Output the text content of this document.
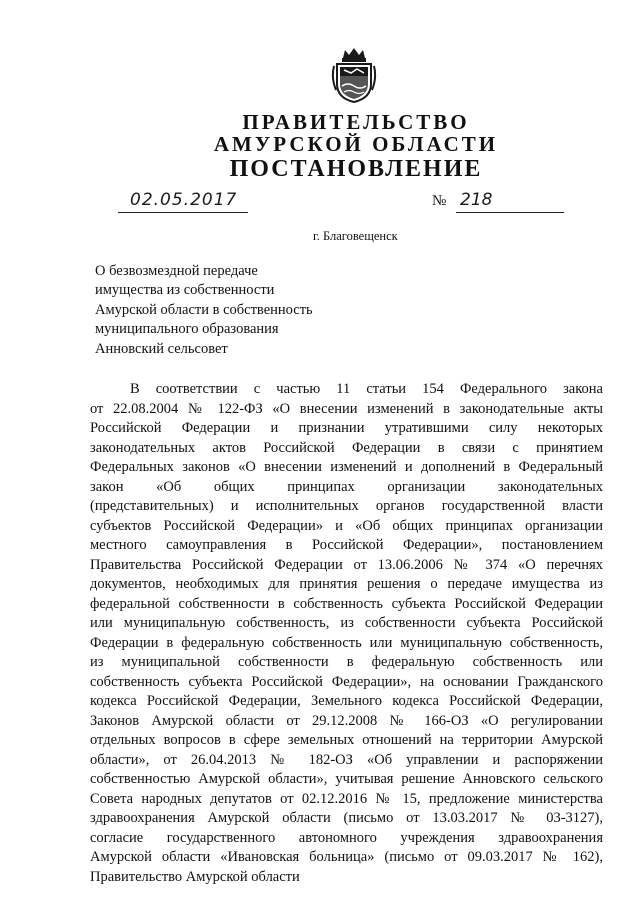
ПРАВИТЕЛЬСТВО
АМУРСКОЙ ОБЛАСТИ
ПОСТАНОВЛЕНИЕ
02.05.2017	№ 218
г. Благовещенск
О безвозмездной передаче
имущества из собственности
Амурской области в собственность
муниципального образования
Анновский сельсовет
В соответствии с частью 11 статьи 154 Федерального закона
от 22.08.2004 № 122-ФЗ «О внесении изменений в законодательные акты
Российской Федерации и признании утратившими силу некоторых
законодательных актов Российской Федерации в связи с принятием
Федеральных законов «О внесении изменений и дополнений в Федеральный
закон «Об общих принципах организации законодательных
(представительных) и исполнительных органов государственной власти
субъектов Российской Федерации» и «Об общих принципах организации
местного самоуправления в Российской Федерации», постановлением
Правительства Российской Федерации от 13.06.2006 № 374 «О перечнях
документов, необходимых для принятия решения о передаче имущества из
федеральной собственности в собственность субъекта Российской Федерации
или муниципальную собственность, из собственности субъекта Российской
Федерации в федеральную собственность или муниципальную собственность,
из муниципальной собственности в федеральную собственность или
собственность субъекта Российской Федерации», на основании Гражданского
кодекса Российской Федерации, Земельного кодекса Российской Федерации,
Законов Амурской области от 29.12.2008 № 166-ОЗ «О регулировании
отдельных вопросов в сфере земельных отношений на территории Амурской
области», от 26.04.2013 № 182-ОЗ «Об управлении и распоряжении
собственностью Амурской области», учитывая решение Анновского сельского
Совета народных депутатов от 02.12.2016 № 15, предложение министерства
здравоохранения Амурской области (письмо от 13.03.2017 № 03-3127),
согласие государственного автономного учреждения здравоохранения
Амурской области «Ивановская больница» (письмо от 09.03.2017 № 162),
Правительство Амурской области
